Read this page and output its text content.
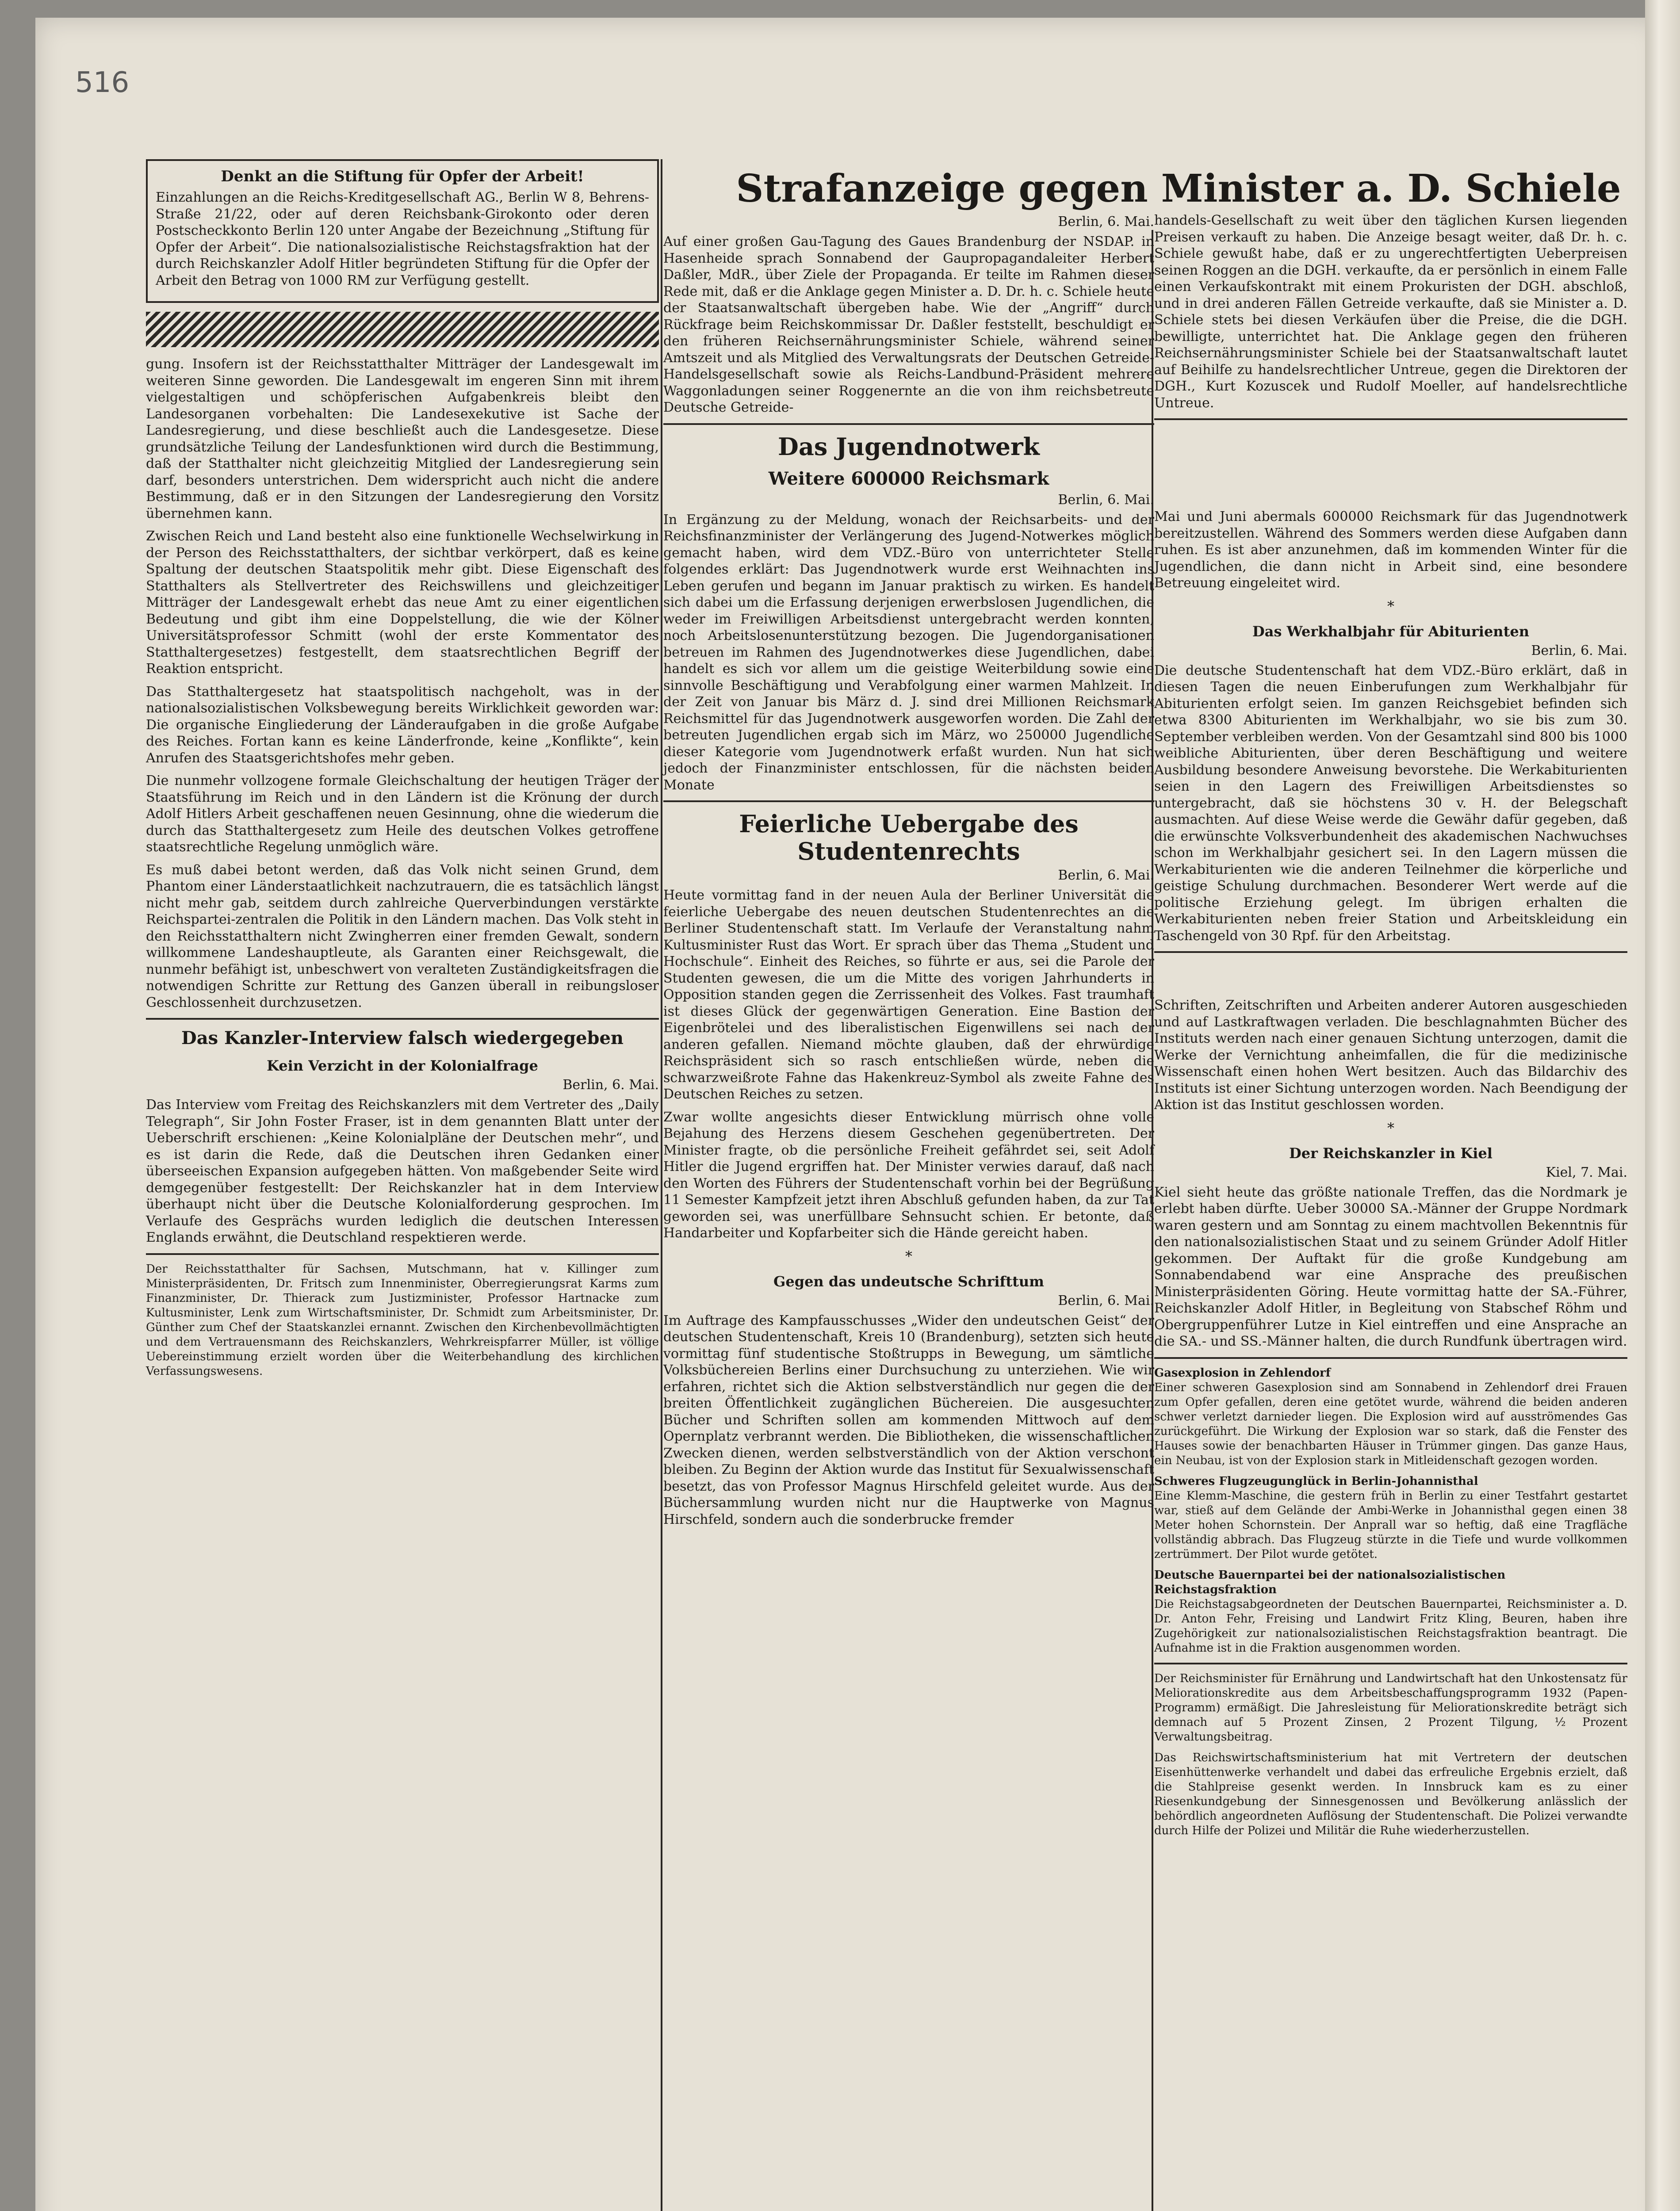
516
Denkt an die Stiftung für Opfer der Arbeit!

Einzahlungen an die Reichs-Kreditgesellschaft AG., Berlin W 8, Behrens-Straße 21/22, oder auf deren Reichsbank-Girokonto oder deren Postscheckkonto Berlin 120 unter Angabe der Bezeichnung „Stiftung für Opfer der Arbeit“. Die nationalsozialistische Reichstagsfraktion hat der durch Reichskanzler Adolf Hitler begründeten Stiftung für die Opfer der Arbeit den Betrag von 1000 RM zur Verfügung gestellt.

gung. Insofern ist der Reichsstatthalter Mitträger der Landesgewalt im weiteren Sinne geworden. Die Landesgewalt im engeren Sinn mit ihrem vielgestaltigen und schöpferischen Aufgabenkreis bleibt den Landesorganen vorbehalten: Die Landesexekutive ist Sache der Landesregierung, und diese beschließt auch die Landesgesetze. Diese grundsätzliche Teilung der Landesfunktionen wird durch die Bestimmung, daß der Statthalter nicht gleichzeitig Mitglied der Landesregierung sein darf, besonders unterstrichen. Dem widerspricht auch nicht die andere Bestimmung, daß er in den Sitzungen der Landesregierung den Vorsitz übernehmen kann.

Zwischen Reich und Land besteht also eine funktionelle Wechselwirkung in der Person des Reichsstatthalters, der sichtbar verkörpert, daß es keine Spaltung der deutschen Staatspolitik mehr gibt. Diese Eigenschaft des Statthalters als Stellvertreter des Reichswillens und gleichzeitiger Mitträger der Landesgewalt erhebt das neue Amt zu einer eigentlichen Bedeutung und gibt ihm eine Doppelstellung, die wie der Kölner Universitätsprofessor Schmitt (wohl der erste Kommentator des Statthaltergesetzes) festgestellt, dem staatsrechtlichen Begriff der Reaktion entspricht.

Das Statthaltergesetz hat staatspolitisch nachgeholt, was in der nationalsozialistischen Volksbewegung bereits Wirklichkeit geworden war: Die organische Eingliederung der Länderaufgaben in die große Aufgabe des Reiches. Fortan kann es keine Länderfronde, keine „Konflikte“, kein Anrufen des Staatsgerichtshofes mehr geben.

Die nunmehr vollzogene formale Gleichschaltung der heutigen Träger der Staatsführung im Reich und in den Ländern ist die Krönung der durch Adolf Hitlers Arbeit geschaffenen neuen Gesinnung, ohne die wiederum die durch das Statthaltergesetz zum Heile des deutschen Volkes getroffene staatsrechtliche Regelung unmöglich wäre.

Es muß dabei betont werden, daß das Volk nicht seinen Grund, dem Phantom einer Länderstaatlichkeit nachzutrauern, die es tatsächlich längst nicht mehr gab, seitdem durch zahlreiche Querverbindungen verstärkte Reichspartei-zentralen die Politik in den Ländern machen. Das Volk steht in den Reichsstatthaltern nicht Zwingherren einer fremden Gewalt, sondern willkommene Landeshauptleute, als Garanten einer Reichsgewalt, die nunmehr befähigt ist, unbeschwert von veralteten Zuständigkeitsfragen die notwendigen Schritte zur Rettung des Ganzen überall in reibungsloser Geschlossenheit durchzusetzen.

Das Kanzler-Interview falsch wiedergegeben
Kein Verzicht in der Kolonialfrage
Berlin, 6. Mai.

Das Interview vom Freitag des Reichskanzlers mit dem Vertreter des „Daily Telegraph“, Sir John Foster Fraser, ist in dem genannten Blatt unter der Ueberschrift erschienen: „Keine Kolonialpläne der Deutschen mehr“, und es ist darin die Rede, daß die Deutschen ihren Gedanken einer überseeischen Expansion aufgegeben hätten. Von maßgebender Seite wird demgegenüber festgestellt: Der Reichskanzler hat in dem Interview überhaupt nicht über die Deutsche Kolonialforderung gesprochen. Im Verlaufe des Gesprächs wurden lediglich die deutschen Interessen Englands erwähnt, die Deutschland respektieren werde.

Der Reichsstatthalter für Sachsen, Mutschmann, hat v. Killinger zum Ministerpräsidenten, Dr. Fritsch zum Innenminister, Oberregierungsrat Karms zum Finanzminister, Dr. Thierack zum Justizminister, Professor Hartnacke zum Kultusminister, Lenk zum Wirtschaftsminister, Dr. Schmidt zum Arbeitsminister, Dr. Günther zum Chef der Staatskanzlei ernannt. Zwischen den Kirchenbevollmächtigten und dem Vertrauensmann des Reichskanzlers, Wehrkreispfarrer Müller, ist völlige Uebereinstimmung erzielt worden über die Weiterbehandlung des kirchlichen Verfassungswesens.

Strafanzeige gegen Minister a. D. Schiele
Berlin, 6. Mai.

Auf einer großen Gau-Tagung des Gaues Brandenburg der NSDAP. in Hasenheide sprach Sonnabend der Gaupropagandaleiter Herbert Daßler, MdR., über Ziele der Propaganda. Er teilte im Rahmen dieser Rede mit, daß er die Anklage gegen Minister a. D. Dr. h. c. Schiele heute der Staatsanwaltschaft übergeben habe. Wie der „Angriff“ durch Rückfrage beim Reichskommissar Dr. Daßler feststellt, beschuldigt er den früheren Reichsernährungsminister Schiele, während seiner Amtszeit und als Mitglied des Verwaltungsrats der Deutschen Getreide-Handelsgesellschaft sowie als Reichs-Landbund-Präsident mehrere Waggonladungen seiner Roggenernte an die von ihm reichsbetreute Deutsche Getreide-

Das Jugendnotwerk
Weitere 600000 Reichsmark
Berlin, 6. Mai.

In Ergänzung zu der Meldung, wonach der Reichsarbeits- und der Reichsfinanzminister der Verlängerung des Jugend-Notwerkes möglich gemacht haben, wird dem VDZ.-Büro von unterrichteter Stelle folgendes erklärt: Das Jugendnotwerk wurde erst Weihnachten ins Leben gerufen und begann im Januar praktisch zu wirken. Es handelt sich dabei um die Erfassung derjenigen erwerbslosen Jugendlichen, die weder im Freiwilligen Arbeitsdienst untergebracht werden konnten, noch Arbeitslosenunterstützung bezogen. Die Jugendorganisationen betreuen im Rahmen des Jugendnotwerkes diese Jugendlichen, dabei handelt es sich vor allem um die geistige Weiterbildung sowie eine sinnvolle Beschäftigung und Verabfolgung einer warmen Mahlzeit. In der Zeit von Januar bis März d. J. sind drei Millionen Reichsmark Reichsmittel für das Jugendnotwerk ausgeworfen worden. Die Zahl der betreuten Jugendlichen ergab sich im März, wo 250000 Jugendliche dieser Kategorie vom Jugendnotwerk erfaßt wurden. Nun hat sich jedoch der Finanzminister entschlossen, für die nächsten beiden Monate

Feierliche Uebergabe des Studentenrechts
Berlin, 6. Mai.

Heute vormittag fand in der neuen Aula der Berliner Universität die feierliche Uebergabe des neuen deutschen Studentenrechtes an die Berliner Studentenschaft statt. Im Verlaufe der Veranstaltung nahm Kultusminister Rust das Wort. Er sprach über das Thema „Student und Hochschule“. Einheit des Reiches, so führte er aus, sei die Parole der Studenten gewesen, die um die Mitte des vorigen Jahrhunderts in Opposition standen gegen die Zerrissenheit des Volkes. Fast traumhaft ist dieses Glück der gegenwärtigen Generation. Eine Bastion der Eigenbrötelei und des liberalistischen Eigenwillens sei nach der anderen gefallen. Niemand möchte glauben, daß der ehrwürdige Reichspräsident sich so rasch entschließen würde, neben die schwarzweißrote Fahne das Hakenkreuz-Symbol als zweite Fahne des Deutschen Reiches zu setzen.

Zwar wollte angesichts dieser Entwicklung mürrisch ohne volle Bejahung des Herzens diesem Geschehen gegenübertreten. Der Minister fragte, ob die persönliche Freiheit gefährdet sei, seit Adolf Hitler die Jugend ergriffen hat. Der Minister verwies darauf, daß nach den Worten des Führers der Studentenschaft vorhin bei der Begrüßung 11 Semester Kampfzeit jetzt ihren Abschluß gefunden haben, da zur Tat geworden sei, was unerfüllbare Sehnsucht schien. Er betonte, daß Handarbeiter und Kopfarbeiter sich die Hände gereicht haben.

*
Gegen das undeutsche Schrifttum
Berlin, 6. Mai.

Im Auftrage des Kampfausschusses „Wider den undeutschen Geist“ der deutschen Studentenschaft, Kreis 10 (Brandenburg), setzten sich heute vormittag fünf studentische Stoßtrupps in Bewegung, um sämtliche Volksbüchereien Berlins einer Durchsuchung zu unterziehen. Wie wir erfahren, richtet sich die Aktion selbstverständlich nur gegen die der breiten Öffentlichkeit zugänglichen Büchereien. Die ausgesuchten Bücher und Schriften sollen am kommenden Mittwoch auf dem Opernplatz verbrannt werden. Die Bibliotheken, die wissenschaftlichen Zwecken dienen, werden selbstverständlich von der Aktion verschont bleiben. Zu Beginn der Aktion wurde das Institut für Sexualwissenschaft besetzt, das von Professor Magnus Hirschfeld geleitet wurde. Aus der Büchersammlung wurden nicht nur die Hauptwerke von Magnus Hirschfeld, sondern auch die sonderbrucke fremder

handels-Gesellschaft zu weit über den täglichen Kursen liegenden Preisen verkauft zu haben. Die Anzeige besagt weiter, daß Dr. h. c. Schiele gewußt habe, daß er zu ungerechtfertigten Ueberpreisen seinen Roggen an die DGH. verkaufte, da er persönlich in einem Falle einen Verkaufskontrakt mit einem Prokuristen der DGH. abschloß, und in drei anderen Fällen Getreide verkaufte, daß sie Minister a. D. Schiele stets bei diesen Verkäufen über die Preise, die die DGH. bewilligte, unterrichtet hat. Die Anklage gegen den früheren Reichsernährungsminister Schiele bei der Staatsanwaltschaft lautet auf Beihilfe zu handelsrechtlicher Untreue, gegen die Direktoren der DGH., Kurt Kozuscek und Rudolf Moeller, auf handelsrechtliche Untreue.

Mai und Juni abermals 600000 Reichsmark für das Jugendnotwerk bereitzustellen. Während des Sommers werden diese Aufgaben dann ruhen. Es ist aber anzunehmen, daß im kommenden Winter für die Jugendlichen, die dann nicht in Arbeit sind, eine besondere Betreuung eingeleitet wird.

*
Das Werkhalbjahr für Abiturienten
Berlin, 6. Mai.

Die deutsche Studentenschaft hat dem VDZ.-Büro erklärt, daß in diesen Tagen die neuen Einberufungen zum Werkhalbjahr für Abiturienten erfolgt seien. Im ganzen Reichsgebiet befinden sich etwa 8300 Abiturienten im Werkhalbjahr, wo sie bis zum 30. September verbleiben werden. Von der Gesamtzahl sind 800 bis 1000 weibliche Abiturienten, über deren Beschäftigung und weitere Ausbildung besondere Anweisung bevorstehe. Die Werkabiturienten seien in den Lagern des Freiwilligen Arbeitsdienstes so untergebracht, daß sie höchstens 30 v. H. der Belegschaft ausmachten. Auf diese Weise werde die Gewähr dafür gegeben, daß die erwünschte Volksverbundenheit des akademischen Nachwuchses schon im Werkhalbjahr gesichert sei. In den Lagern müssen die Werkabiturienten wie die anderen Teilnehmer die körperliche und geistige Schulung durchmachen. Besonderer Wert werde auf die politische Erziehung gelegt. Im übrigen erhalten die Werkabiturienten neben freier Station und Arbeitskleidung ein Taschengeld von 30 Rpf. für den Arbeitstag.

Schriften, Zeitschriften und Arbeiten anderer Autoren ausgeschieden und auf Lastkraftwagen verladen. Die beschlagnahmten Bücher des Instituts werden nach einer genauen Sichtung unterzogen, damit die Werke der Vernichtung anheimfallen, die für die medizinische Wissenschaft einen hohen Wert besitzen. Auch das Bildarchiv des Instituts ist einer Sichtung unterzogen worden. Nach Beendigung der Aktion ist das Institut geschlossen worden.

*
Der Reichskanzler in Kiel
Kiel, 7. Mai.

Kiel sieht heute das größte nationale Treffen, das die Nordmark je erlebt haben dürfte. Ueber 30000 SA.-Männer der Gruppe Nordmark waren gestern und am Sonntag zu einem machtvollen Bekenntnis für den nationalsozialistischen Staat und zu seinem Gründer Adolf Hitler gekommen. Der Auftakt für die große Kundgebung am Sonnabendabend war eine Ansprache des preußischen Ministerpräsidenten Göring. Heute vormittag hatte der SA.-Führer, Reichskanzler Adolf Hitler, in Begleitung von Stabschef Röhm und Obergruppenführer Lutze in Kiel eintreffen und eine Ansprache an die SA.- und SS.-Männer halten, die durch Rundfunk übertragen wird.

Gasexplosion in Zehlendorf

Einer schweren Gasexplosion sind am Sonnabend in Zehlendorf drei Frauen zum Opfer gefallen, deren eine getötet wurde, während die beiden anderen schwer verletzt darnieder liegen. Die Explosion wird auf ausströmendes Gas zurückgeführt. Die Wirkung der Explosion war so stark, daß die Fenster des Hauses sowie der benachbarten Häuser in Trümmer gingen. Das ganze Haus, ein Neubau, ist von der Explosion stark in Mitleidenschaft gezogen worden.

Schweres Flugzeugunglück in Berlin-Johannisthal

Eine Klemm-Maschine, die gestern früh in Berlin zu einer Testfahrt gestartet war, stieß auf dem Gelände der Ambi-Werke in Johannisthal gegen einen 38 Meter hohen Schornstein. Der Anprall war so heftig, daß eine Tragfläche vollständig abbrach. Das Flugzeug stürzte in die Tiefe und wurde vollkommen zertrümmert. Der Pilot wurde getötet.

Deutsche Bauernpartei bei der nationalsozialistischen Reichstagsfraktion

Die Reichstagsabgeordneten der Deutschen Bauernpartei, Reichsminister a. D. Dr. Anton Fehr, Freising und Landwirt Fritz Kling, Beuren, haben ihre Zugehörigkeit zur nationalsozialistischen Reichstagsfraktion beantragt. Die Aufnahme ist in die Fraktion ausgenommen worden.

Der Reichsminister für Ernährung und Landwirtschaft hat den Unkostensatz für Meliorationskredite aus dem Arbeitsbeschaffungsprogramm 1932 (Papen-Programm) ermäßigt. Die Jahresleistung für Meliorationskredite beträgt sich demnach auf 5 Prozent Zinsen, 2 Prozent Tilgung, ½ Prozent Verwaltungsbeitrag.

Das Reichswirtschaftsministerium hat mit Vertretern der deutschen Eisenhüttenwerke verhandelt und dabei das erfreuliche Ergebnis erzielt, daß die Stahlpreise gesenkt werden. In Innsbruck kam es zu einer Riesenkundgebung der Sinnesgenossen und Bevölkerung anlässlich der behördlich angeordneten Auflösung der Studentenschaft. Die Polizei verwandte durch Hilfe der Polizei und Militär die Ruhe wiederherzustellen.
